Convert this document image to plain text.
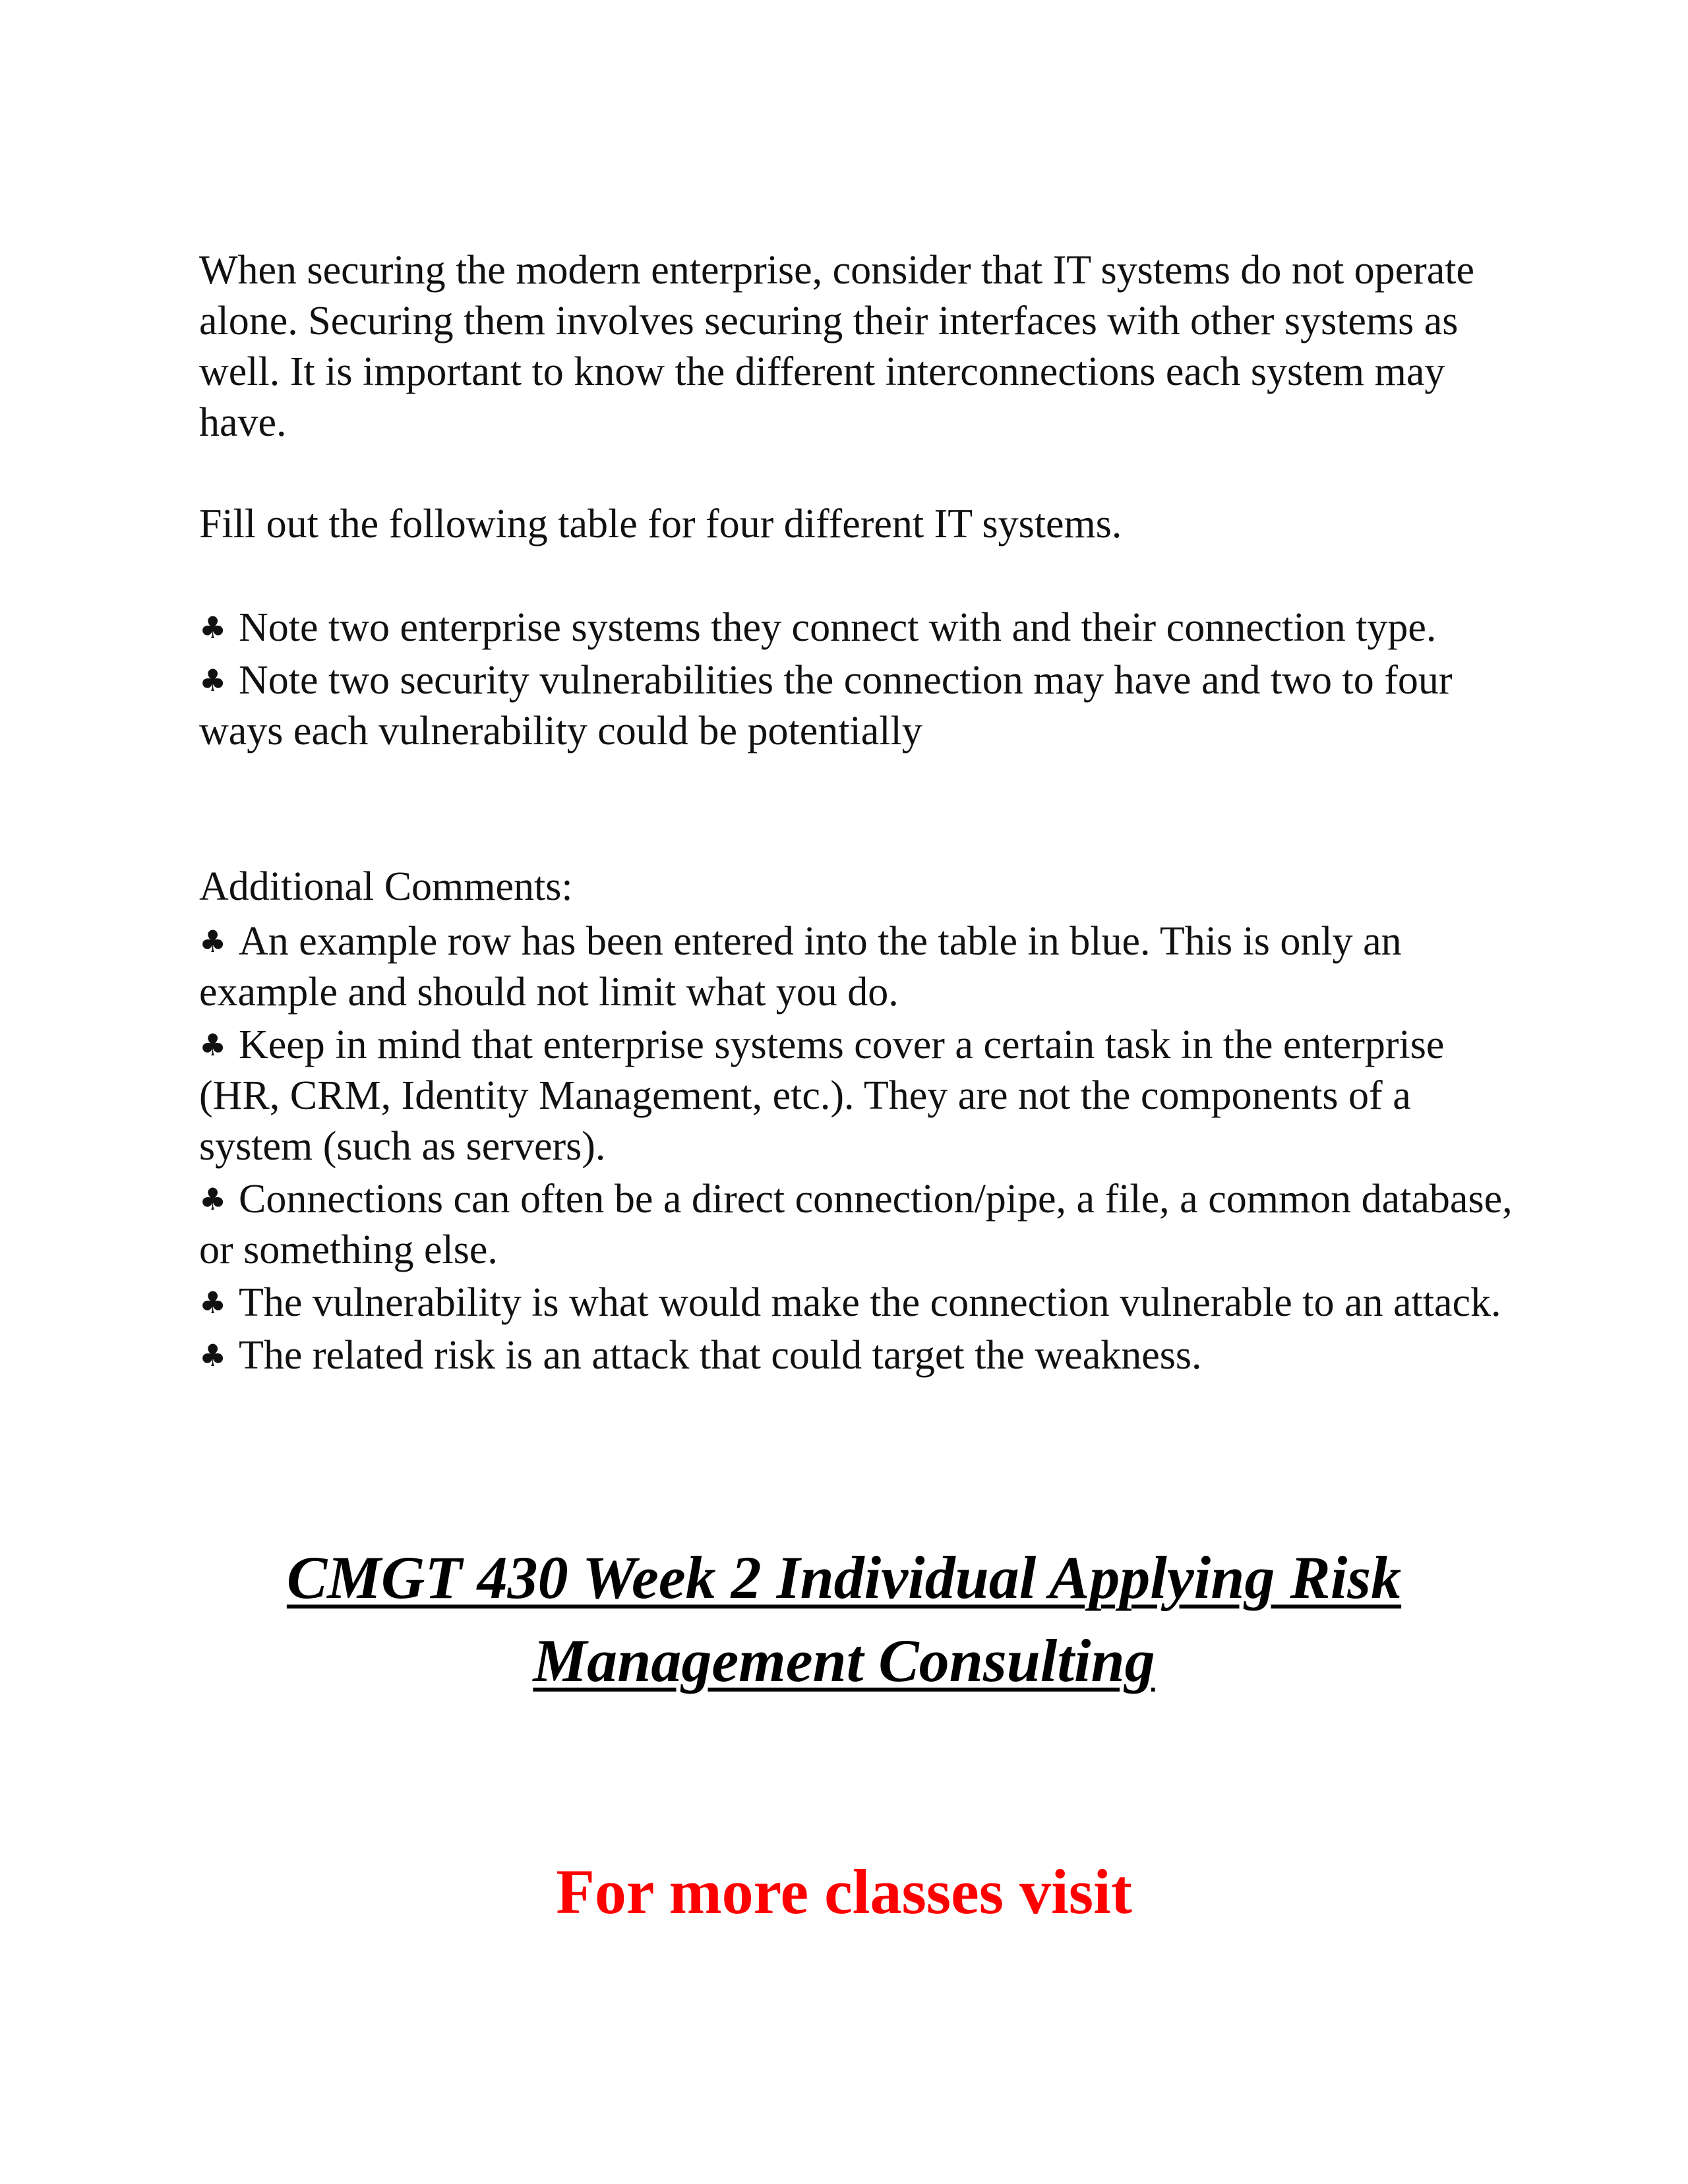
When securing the modern enterprise, consider that IT systems do not operate alone. Securing them involves securing their interfaces with other systems as well. It is important to know the different interconnections each system may have.

Fill out the following table for four different IT systems.

♣ Note two enterprise systems they connect with and their connection type.
♣ Note two security vulnerabilities the connection may have and two to four ways each vulnerability could be potentially

Additional Comments:

♣ An example row has been entered into the table in blue. This is only an example and should not limit what you do.
♣ Keep in mind that enterprise systems cover a certain task in the enterprise (HR, CRM, Identity Management, etc.). They are not the components of a system (such as servers).
♣ Connections can often be a direct connection/pipe, a file, a common database, or something else.
♣ The vulnerability is what would make the connection vulnerable to an attack.
♣ The related risk is an attack that could target the weakness.
CMGT 430 Week 2 Individual Applying Risk
Management Consulting

For more classes visit
